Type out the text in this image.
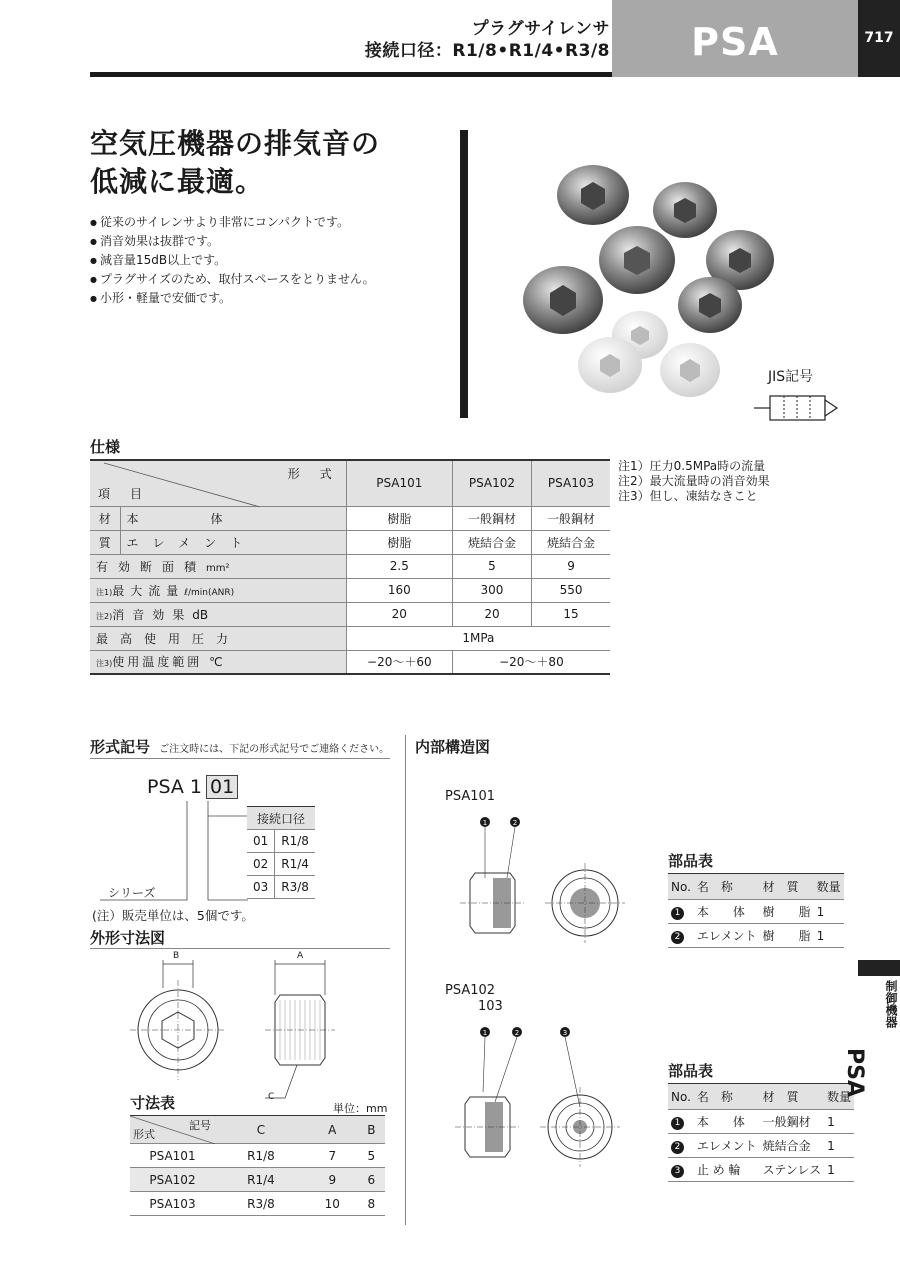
プラグサイレンサ
接続口径：R1/8•R1/4•R3/8	PSA	717
空気圧機器の排気音の
低減に最適。
● 従来のサイレンサより非常にコンパクトです。
● 消音効果は抜群です。
● 減音量15dB以上です。
● プラグサイズのため、取付スペースをとりません。
● 小形・軽量で安価です。
JIS記号
仕様
形　式
項　目		PSA101	PSA102	PSA103
材	本　体	樹脂	一般鋼材	一般鋼材
質	エレメント	樹脂	焼結合金	焼結合金
有効断面積mm²		2.5	5	9
注1)最大流量ℓ/min(ANR)		160	300	550
注2)消音効果dB		20	20	15
最高使用圧力		1MPa		
注3)使用温度範囲 ℃		−20〜＋60	−20〜＋80	
注1）圧力0.5MPa時の流量
注2）最大流量時の消音効果
注3）但し、凍結なきこと
形式記号 ご注文時には、下記の形式記号でご連絡ください。
PSA 1 01
シリーズ
接続口径	
01	R1/8
02	R1/4
03	R3/8
(注）販売単位は、5個です。
外形寸法図
B	A
C
寸法表	単位：mm
記号
形式	C	A	B
PSA101	R1/8	7	5
PSA102	R1/4	9	6
PSA103	R3/8	10	8
内部構造図
PSA101
1	2
部品表
No.	名　称	材　質	数量
1	本　　体	樹　　脂	1
2	エレメント	樹　　脂	1
PSA102
103
1	2	3
部品表
No.	名　称	材　質	数量
1	本　　体	一般鋼材	1
2	エレメント	焼結合金	1
3	止 め 輪	ステンレス	1
制御機器
PSA
